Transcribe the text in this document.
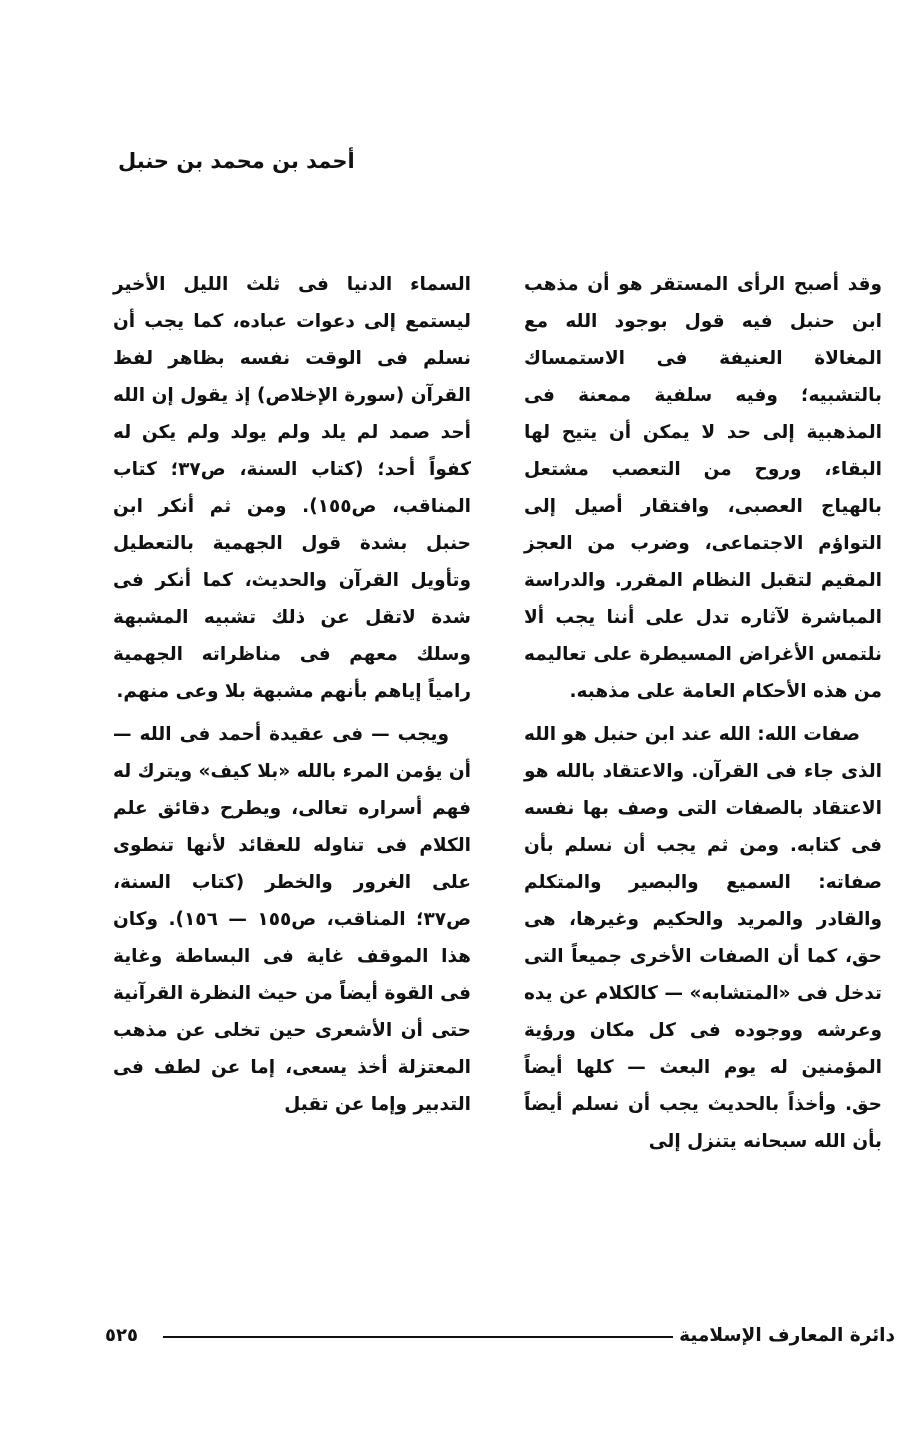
أحمد بن محمد بن حنبل

وقد أصبح الرأى المستقر هو أن مذهب ابن حنبل فيه قول بوجود الله مع المغالاة العنيفة فى الاستمساك بالتشبيه؛ وفيه سلفية ممعنة فى المذهبية إلى حد لا يمكن أن يتيح لها البقاء، وروح من التعصب مشتعل بالهياج العصبى، وافتقار أصيل إلى التواؤم الاجتماعى، وضرب من العجز المقيم لتقبل النظام المقرر. والدراسة المباشرة لآثاره تدل على أننا يجب ألا نلتمس الأغراض المسيطرة على تعاليمه من هذه الأحكام العامة على مذهبه.

صفات الله: الله عند ابن حنبل هو الله الذى جاء فى القرآن. والاعتقاد بالله هو الاعتقاد بالصفات التى وصف بها نفسه فى كتابه. ومن ثم يجب أن نسلم بأن صفاته: السميع والبصير والمتكلم والقادر والمريد والحكيم وغيرها، هى حق، كما أن الصفات الأخرى جميعاً التى تدخل فى «المتشابه» — كالكلام عن يده وعرشه ووجوده فى كل مكان ورؤية المؤمنين له يوم البعث — كلها أيضاً حق. وأخذاً بالحديث يجب أن نسلم أيضاً بأن الله سبحانه يتنزل إلى

السماء الدنيا فى ثلث الليل الأخير ليستمع إلى دعوات عباده، كما يجب أن نسلم فى الوقت نفسه بظاهر لفظ القرآن (سورة الإخلاص) إذ يقول إن الله أحد صمد لم يلد ولم يولد ولم يكن له كفواً أحد؛ (كتاب السنة، ص٣٧؛ كتاب المناقب، ص١٥٥). ومن ثم أنكر ابن حنبل بشدة قول الجهمية بالتعطيل وتأويل القرآن والحديث، كما أنكر فى شدة لاتقل عن ذلك تشبيه المشبهة وسلك معهم فى مناظراته الجهمية رامياً إياهم بأنهم مشبهة بلا وعى منهم.

ويجب — فى عقيدة أحمد فى الله — أن يؤمن المرء بالله «بلا كيف» ويترك له فهم أسراره تعالى، ويطرح دقائق علم الكلام فى تناوله للعقائد لأنها تنطوى على الغرور والخطر (كتاب السنة، ص٣٧؛ المناقب، ص١٥٥ — ١٥٦). وكان هذا الموقف غاية فى البساطة وغاية فى القوة أيضاً من حيث النظرة القرآنية حتى أن الأشعرى حين تخلى عن مذهب المعتزلة أخذ يسعى، إما عن لطف فى التدبير وإما عن تقبل

دائرة المعارف الإسلامية
٥٢٥
